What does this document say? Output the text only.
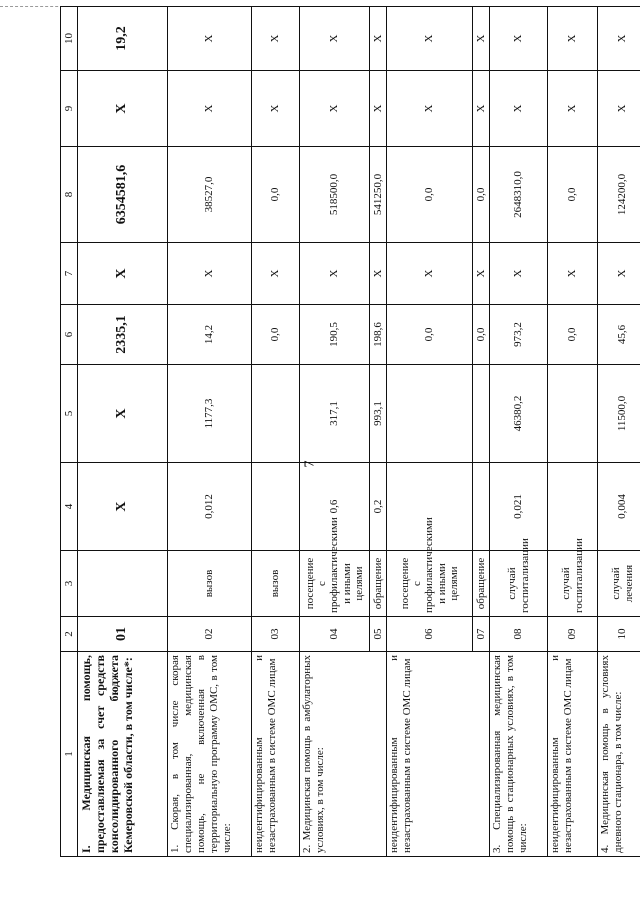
7
1	2	3	4	5	6	7	8	9	10
I. Медицинская помощь, предоставляемая за счет средств консолидированного бюджета Кемеровской области, в том числе*:	01		X	X	2335,1	X	6354581,6	X	19,2
1. Скорая, в том числе скорая специализированная, медицинская помощь, не включенная в территориальную программу ОМС, в том числе:	02	вызов	0,012	1177,3	14,2	X	38527,0	X	X
неидентифицированным и незастрахованным в системе ОМС лицам	03	вызов			0,0	X	0,0	X	X
2. Медицинская помощь в амбулаторных условиях, в том числе:	04	посещение с профилактическими и иными целями	0,6	317,1	190,5	X	518500,0	X	X
	05	обращение	0,2	993,1	198,6	X	541250,0	X	X
неидентифицированным и незастрахованным в системе ОМС лицам	06	посещение с профилактическими и иными целями			0,0	X	0,0	X	X
	07	обращение			0,0	X	0,0	X	X
3. Специализированная медицинская помощь в стационарных условиях, в том числе:	08	случай госпитализации	0,021	46380,2	973,2	X	2648310,0	X	X
неидентифицированным и незастрахованным в системе ОМС лицам	09	случай госпитализации			0,0	X	0,0	X	X
4. Медицинская помощь в условиях дневного стационара, в том числе:	10	случай лечения	0,004	11500,0	45,6	X	124200,0	X	X
